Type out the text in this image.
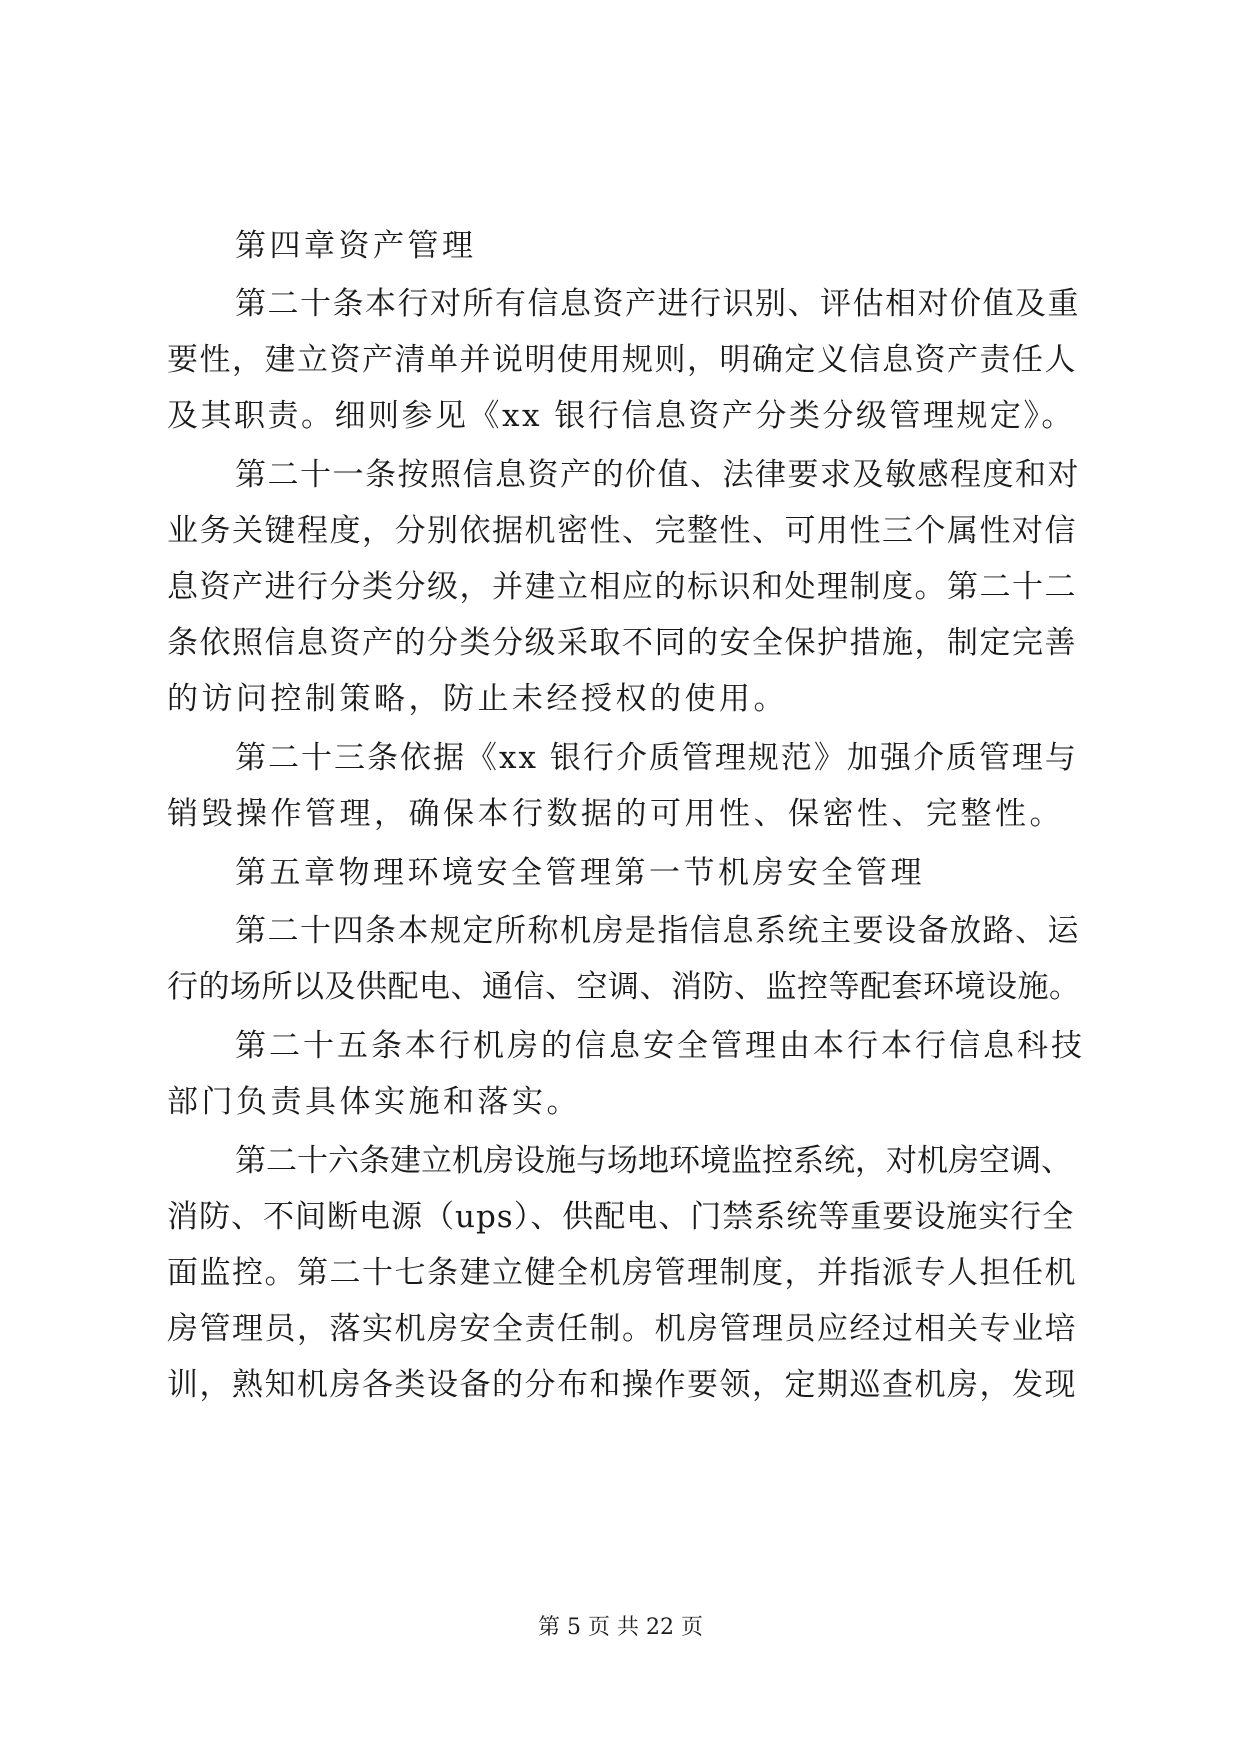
第四章资产管理
第二十条本行对所有信息资产进行识别、评估相对价值及重
要性，建立资产清单并说明使用规则，明确定义信息资产责任人
及其职责。细则参见《xx 银行信息资产分类分级管理规定》。
第二十一条按照信息资产的价值、法律要求及敏感程度和对
业务关键程度，分别依据机密性、完整性、可用性三个属性对信
息资产进行分类分级，并建立相应的标识和处理制度。第二十二
条依照信息资产的分类分级采取不同的安全保护措施，制定完善
的访问控制策略，防止未经授权的使用。
第二十三条依据《xx 银行介质管理规范》加强介质管理与
销毁操作管理，确保本行数据的可用性、保密性、完整性。
第五章物理环境安全管理第一节机房安全管理
第二十四条本规定所称机房是指信息系统主要设备放路、运
行的场所以及供配电、通信、空调、消防、监控等配套环境设施。
第二十五条本行机房的信息安全管理由本行本行信息科技
部门负责具体实施和落实。
第二十六条建立机房设施与场地环境监控系统，对机房空调、
消防、不间断电源（ups）、供配电、门禁系统等重要设施实行全
面监控。第二十七条建立健全机房管理制度，并指派专人担任机
房管理员，落实机房安全责任制。机房管理员应经过相关专业培
训，熟知机房各类设备的分布和操作要领，定期巡查机房，发现
第 5 页 共 22 页
